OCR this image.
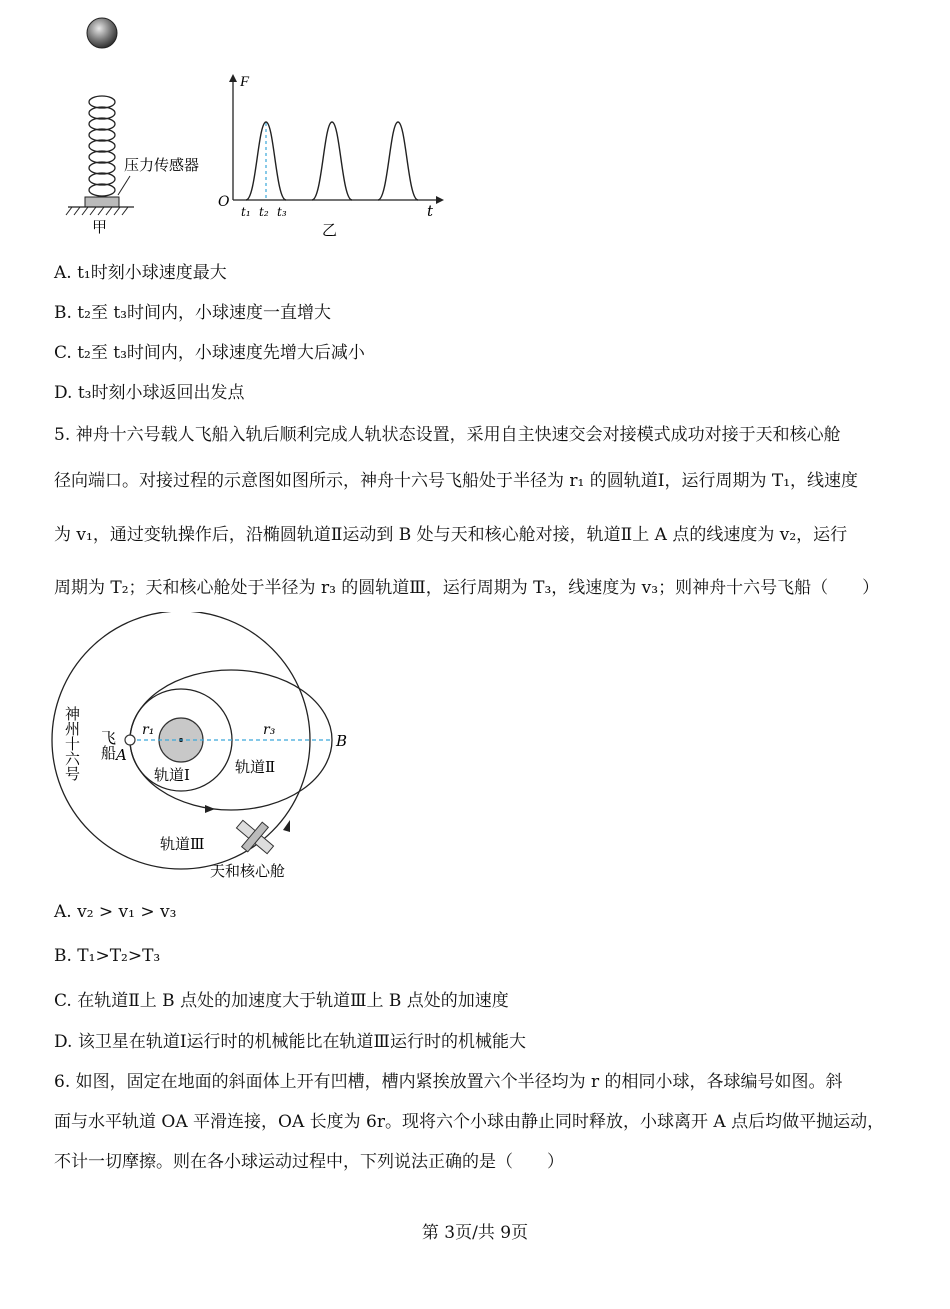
压力传感器
甲
F
t
O
t₁ t₂ t₃
乙
A. t₁时刻小球速度最大
B. t₂至 t₃时间内，小球速度一直增大
C. t₂至 t₃时间内，小球速度先增大后减小
D. t₃时刻小球返回出发点
5. 神舟十六号载人飞船入轨后顺利完成人轨状态设置，采用自主快速交会对接模式成功对接于天和核心舱
径向端口。对接过程的示意图如图所示，神舟十六号飞船处于半径为 r₁ 的圆轨道Ⅰ，运行周期为 T₁，线速度
为 v₁，通过变轨操作后，沿椭圆轨道Ⅱ运动到 B 处与天和核心舱对接，轨道Ⅱ上 A 点的线速度为 v₂，运行
周期为 T₂；天和核心舱处于半径为 r₃ 的圆轨道Ⅲ，运行周期为 T₃，线速度为 v₃；则神舟十六号飞船（　　）
神州十六号 飞船 A
B
r₁	r₃
轨道Ⅰ	轨道Ⅱ
轨道Ⅲ
天和核心舱
A. v₂ > v₁ > v₃
B. T₁>T₂>T₃
C. 在轨道Ⅱ上 B 点处的加速度大于轨道Ⅲ上 B 点处的加速度
D. 该卫星在轨道Ⅰ运行时的机械能比在轨道Ⅲ运行时的机械能大
6. 如图，固定在地面的斜面体上开有凹槽，槽内紧挨放置六个半径均为 r 的相同小球，各球编号如图。斜
面与水平轨道 OA 平滑连接，OA 长度为 6r。现将六个小球由静止同时释放，小球离开 A 点后均做平抛运动，
不计一切摩擦。则在各小球运动过程中，下列说法正确的是（　　）
第 3页/共 9页
